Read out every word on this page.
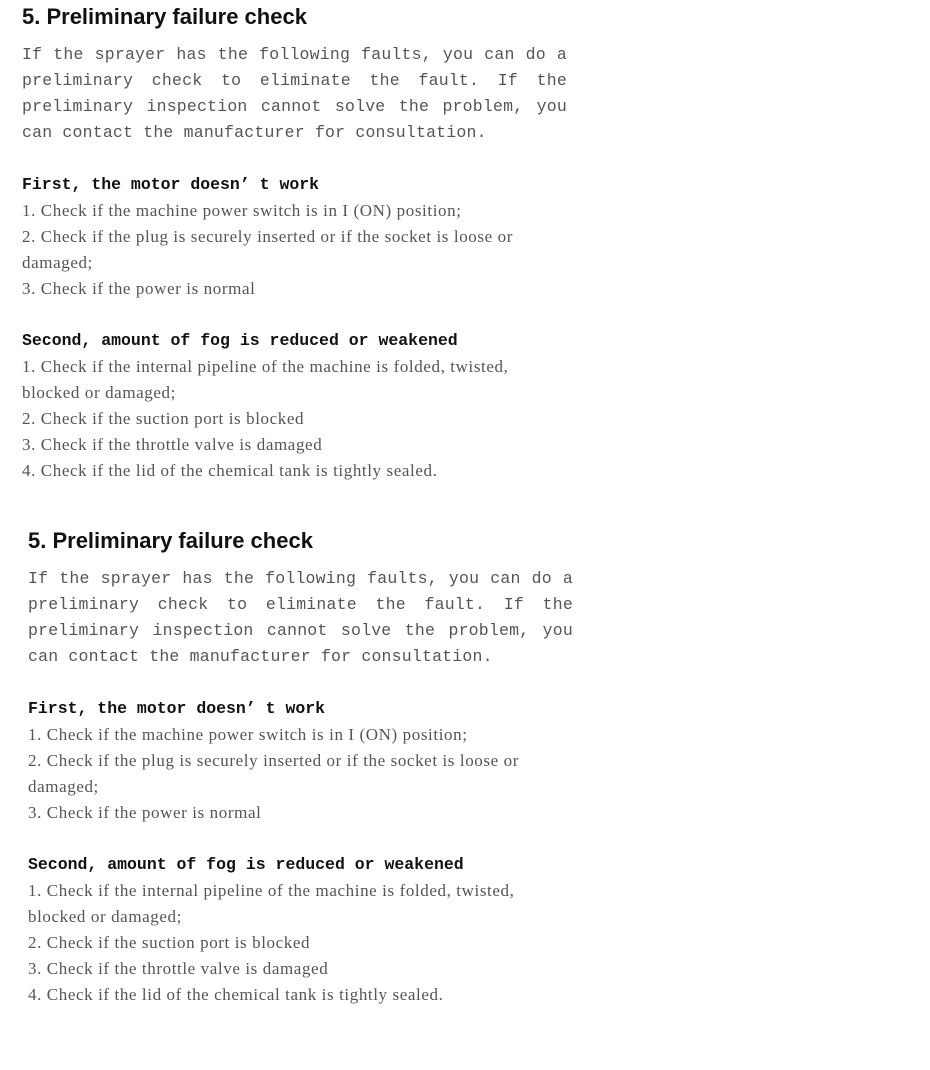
5. Preliminary failure check

If the sprayer has the following faults, you can do a preliminary check to eliminate the fault. If the preliminary inspection cannot solve the problem, you can contact the manufacturer for consultation.

First, the motor doesn’ t work

1. Check if the machine power switch is in I (ON) position;

2. Check if the plug is securely inserted or if the socket is loose or damaged;

3. Check if the power is normal

Second, amount of fog is reduced or weakened

1. Check if the internal pipeline of the machine is folded, twisted, blocked or damaged;

2. Check if the suction port is blocked

3. Check if the throttle valve is damaged

4. Check if the lid of the chemical tank is tightly sealed.

5. Preliminary failure check

If the sprayer has the following faults, you can do a preliminary check to eliminate the fault. If the preliminary inspection cannot solve the problem, you can contact the manufacturer for consultation.

First, the motor doesn’ t work

1. Check if the machine power switch is in I (ON) position;

2. Check if the plug is securely inserted or if the socket is loose or damaged;

3. Check if the power is normal

Second, amount of fog is reduced or weakened

1. Check if the internal pipeline of the machine is folded, twisted, blocked or damaged;

2. Check if the suction port is blocked

3. Check if the throttle valve is damaged

4. Check if the lid of the chemical tank is tightly sealed.
